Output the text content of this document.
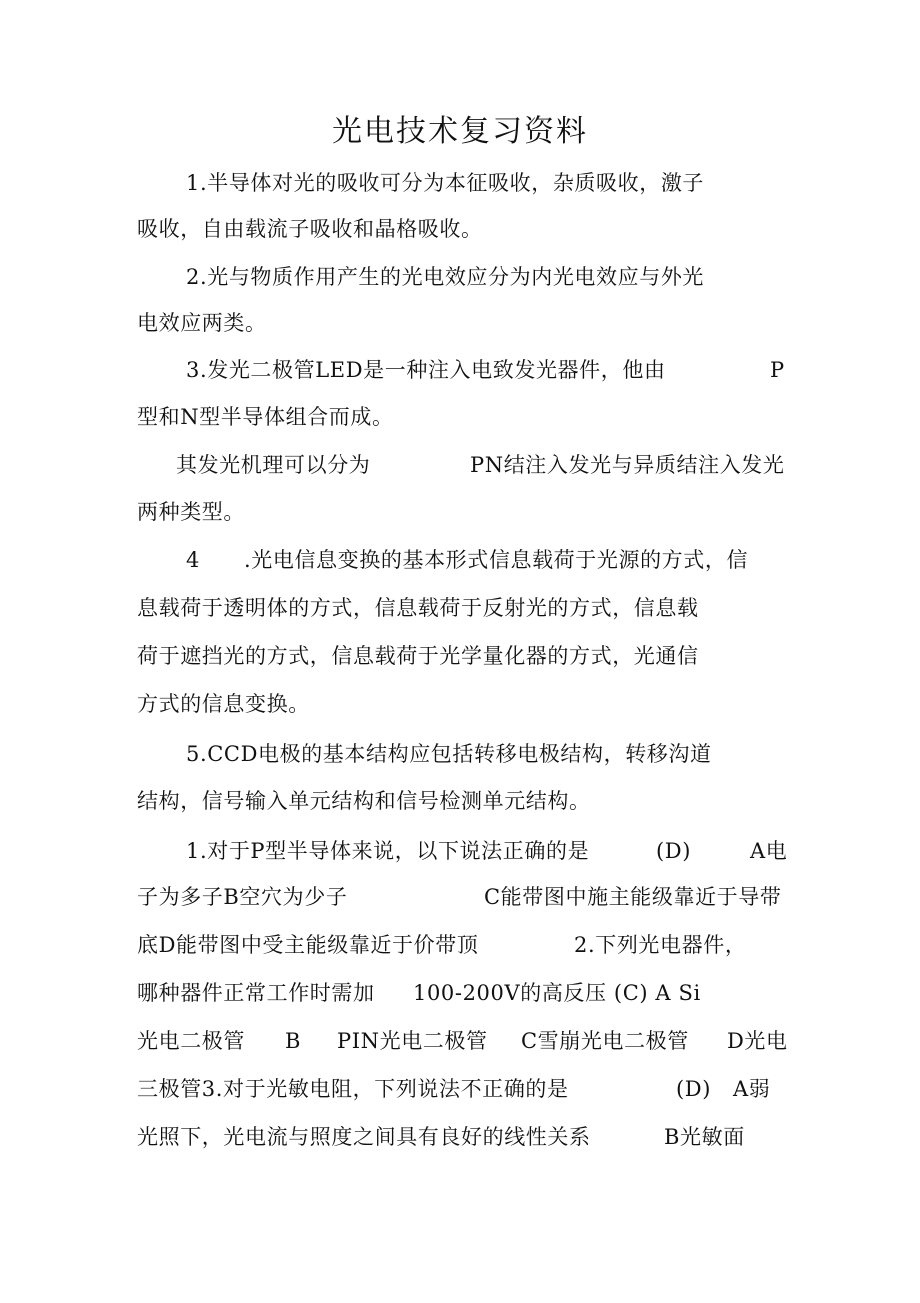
光电技术复习资料
1.半导体对光的吸收可分为本征吸收，杂质吸收，激子
吸收，自由载流子吸收和晶格吸收。
2.光与物质作用产生的光电效应分为内光电效应与外光
电效应两类。
3.发光二极管LED是一种注入电致发光器件，他由	P
型和N型半导体组合而成。
其发光机理可以分为	PN结注入发光与异质结注入发光
两种类型。
4 .光电信息变换的基本形式信息载荷于光源的方式，信
息载荷于透明体的方式，信息载荷于反射光的方式，信息载
荷于遮挡光的方式，信息载荷于光学量化器的方式，光通信
方式的信息变换。
5.CCD电极的基本结构应包括转移电极结构，转移沟道
结构，信号输入单元结构和信号检测单元结构。
1.对于P型半导体来说，以下说法正确的是	(D)	A电
子为多子B空穴为少子	C能带图中施主能级靠近于导带
底D能带图中受主能级靠近于价带顶	2.下列光电器件，
哪种器件正常工作时需加 100-200V的高反压 (C) A Si
光电二极管 B PIN光电二极管 C雪崩光电二极管 D光电
三极管3.对于光敏电阻，下列说法不正确的是	(D) A弱
光照下，光电流与照度之间具有良好的线性关系	B光敏面
